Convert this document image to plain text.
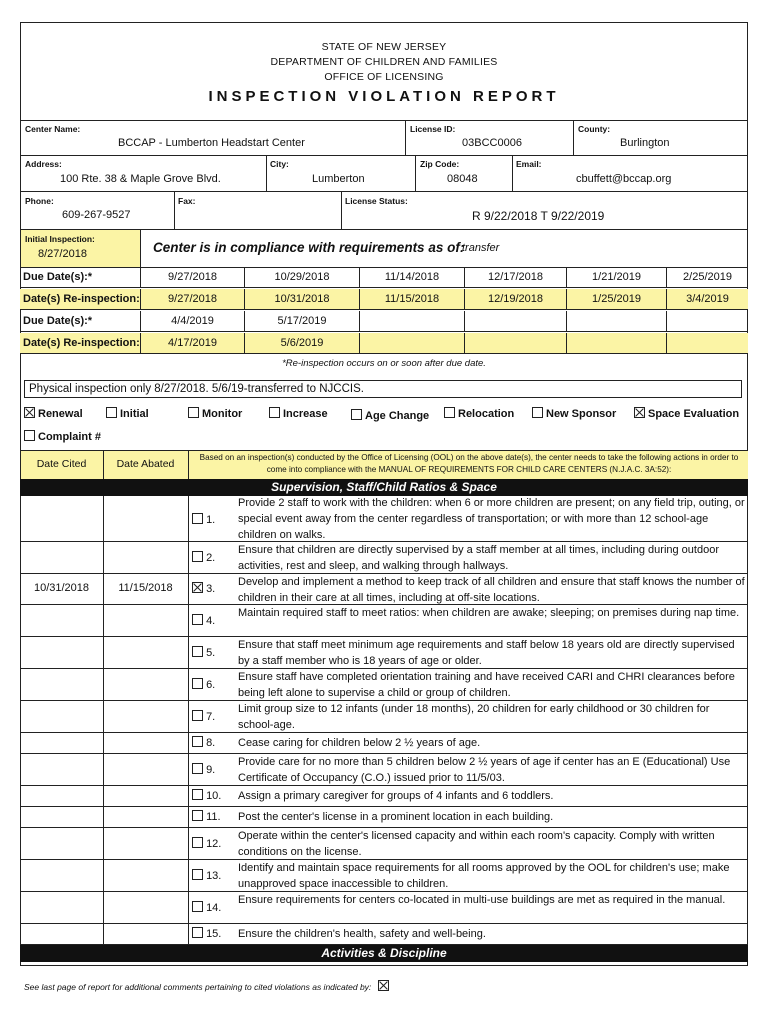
STATE OF NEW JERSEY
DEPARTMENT OF CHILDREN AND FAMILIES
OFFICE OF LICENSING
INSPECTION VIOLATION REPORT
Center Name:
BCCAP - Lumberton Headstart Center
License ID:
03BCC0006
County:
Burlington
Address:
100 Rte. 38 & Maple Grove Blvd.
City:
Lumberton
Zip Code:
08048
Email:
cbuffett@bccap.org
Phone:
609-267-9527
Fax:	License Status:
R 9/22/2018 T 9/22/2019
Initial Inspection:
8/27/2018	Center is in compliance with requirements as of:
transfer
Due Date(s):*	9/27/2018	10/29/2018	11/14/2018	12/17/2018	1/21/2019	2/25/2019
Date(s) Re-inspection:	9/27/2018	10/31/2018	11/15/2018	12/19/2018	1/25/2019	3/4/2019
Due Date(s):*	4/4/2019	5/17/2019
Date(s) Re-inspection:	4/17/2019	5/6/2019
*Re-inspection occurs on or soon after due date.
Physical inspection only 8/27/2018. 5/6/19-transferred to NJCCIS.
Renewal	Initial	Monitor	Increase	Age Change	Relocation	New Sponsor	Space Evaluation
Complaint #
Date Cited	Date Abated
Based on an inspection(s) conducted by the Office of Licensing (OOL) on the above date(s), the center needs to take the following actions in order to come into compliance with the MANUAL OF REQUIREMENTS FOR CHILD CARE CENTERS (N.J.A.C. 3A:52):
Supervision, Staff/Child Ratios & Space
1.
Provide 2 staff to work with the children: when 6 or more children are present; on any field trip, outing, or special event away from the center regardless of transportation; or with more than 12 school-age children on walks.
2.
Ensure that children are directly supervised by a staff member at all times, including during outdoor activities, rest and sleep, and walking through hallways.
10/31/2018	11/15/2018	3.
Develop and implement a method to keep track of all children and ensure that staff knows the number of children in their care at all times, including at off-site locations.
4.
Maintain required staff to meet ratios: when children are awake; sleeping; on premises during nap time.
5.
Ensure that staff meet minimum age requirements and staff below 18 years old are directly supervised by a staff member who is 18 years of age or older.
6.
Ensure staff have completed orientation training and have received CARI and CHRI clearances before being left alone to supervise a child or group of children.
7.
Limit group size to 12 infants (under 18 months), 20 children for early childhood or 30 children for school-age.
8.	Cease caring for children below 2 ½ years of age.
9.
Provide care for no more than 5 children below 2 ½ years of age if center has an E (Educational) Use Certificate of Occupancy (C.O.) issued prior to 11/5/03.
10.	Assign a primary caregiver for groups of 4 infants and 6 toddlers.
11.	Post the center's license in a prominent location in each building.
12.
Operate within the center's licensed capacity and within each room's capacity. Comply with written conditions on the license.
13.
Identify and maintain space requirements for all rooms approved by the OOL for children's use; make unapproved space inaccessible to children.
14.
Ensure requirements for centers co-located in multi-use buildings are met as required in the manual.
15.	Ensure the children's health, safety and well-being.
Activities & Discipline
See last page of report for additional comments pertaining to cited violations as indicated by:
